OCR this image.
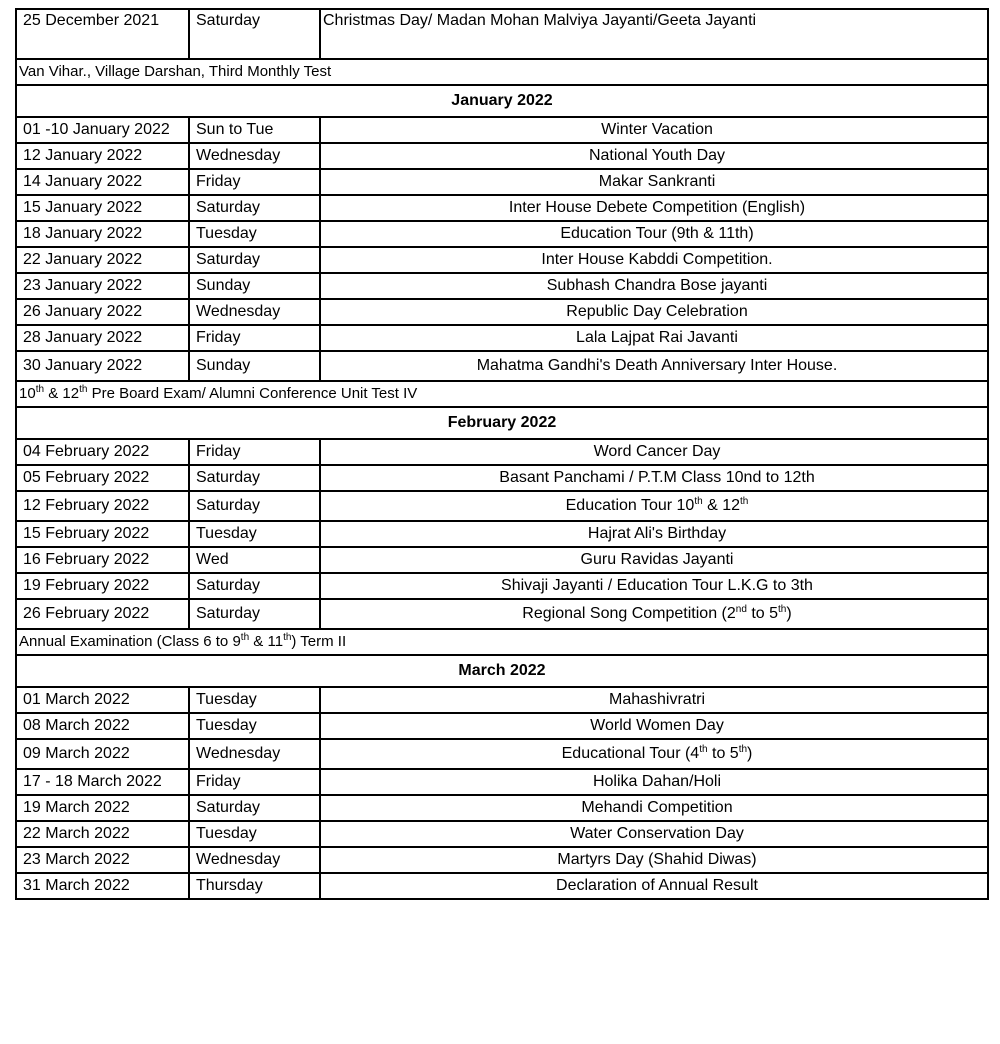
25 December 2021	Saturday	Christmas Day/ Madan Mohan Malviya Jayanti/Geeta Jayanti
Van Vihar., Village Darshan, Third Monthly Test		
January 2022		
01 -10 January 2022	Sun to Tue	Winter Vacation
12 January 2022	Wednesday	National Youth Day
14 January 2022	Friday	Makar Sankranti
15 January 2022	Saturday	Inter House Debete Competition (English)
18 January 2022	Tuesday	Education Tour (9th & 11th)
22 January 2022	Saturday	Inter House Kabddi Competition.
23 January 2022	Sunday	Subhash Chandra Bose jayanti
26 January 2022	Wednesday	Republic Day Celebration
28 January 2022	Friday	Lala Lajpat Rai Javanti
30 January 2022	Sunday	Mahatma Gandhi's Death Anniversary Inter House.
10th & 12th Pre Board Exam/ Alumni Conference Unit Test IV		
February 2022		
04 February 2022	Friday	Word Cancer Day
05 February 2022	Saturday	Basant Panchami / P.T.M Class 10nd to 12th
12 February 2022	Saturday	Education Tour 10th & 12th
15 February 2022	Tuesday	Hajrat Ali's Birthday
16 February 2022	Wed	Guru Ravidas Jayanti
19 February 2022	Saturday	Shivaji Jayanti / Education Tour L.K.G to 3th
26 February 2022	Saturday	Regional Song Competition (2nd to 5th)
Annual Examination (Class 6 to 9th & 11th) Term II		
March 2022		
01 March 2022	Tuesday	Mahashivratri
08 March 2022	Tuesday	World Women Day
09 March 2022	Wednesday	Educational Tour (4th to 5th)
17 - 18 March 2022	Friday	Holika Dahan/Holi
19 March 2022	Saturday	Mehandi Competition
22 March 2022	Tuesday	Water Conservation Day
23 March 2022	Wednesday	Martyrs Day (Shahid Diwas)
31 March 2022	Thursday	Declaration of Annual Result
